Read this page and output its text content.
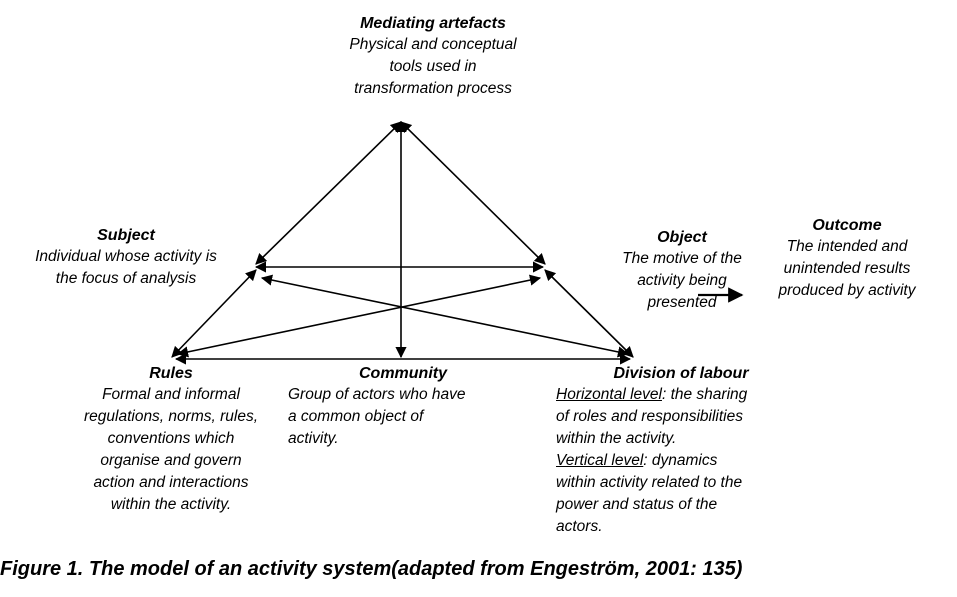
Mediating artefacts
Physical and conceptual
tools used in
transformation process
Subject
Individual whose activity is
the focus of analysis
Object
The motive of the
activity being
presented
Outcome
The intended and
unintended results
produced by activity
Rules
Formal and informal
regulations, norms, rules,
conventions which
organise and govern
action and interactions
within the activity.
Community
Group of actors who have
a common object of
activity.
Division of labour
Horizontal level: the sharing
of roles and responsibilities
within the activity.
Vertical level: dynamics
within activity related to the
power and status of the
actors.
Figure 1. The model of an activity system(adapted from Engeström, 2001: 135)
